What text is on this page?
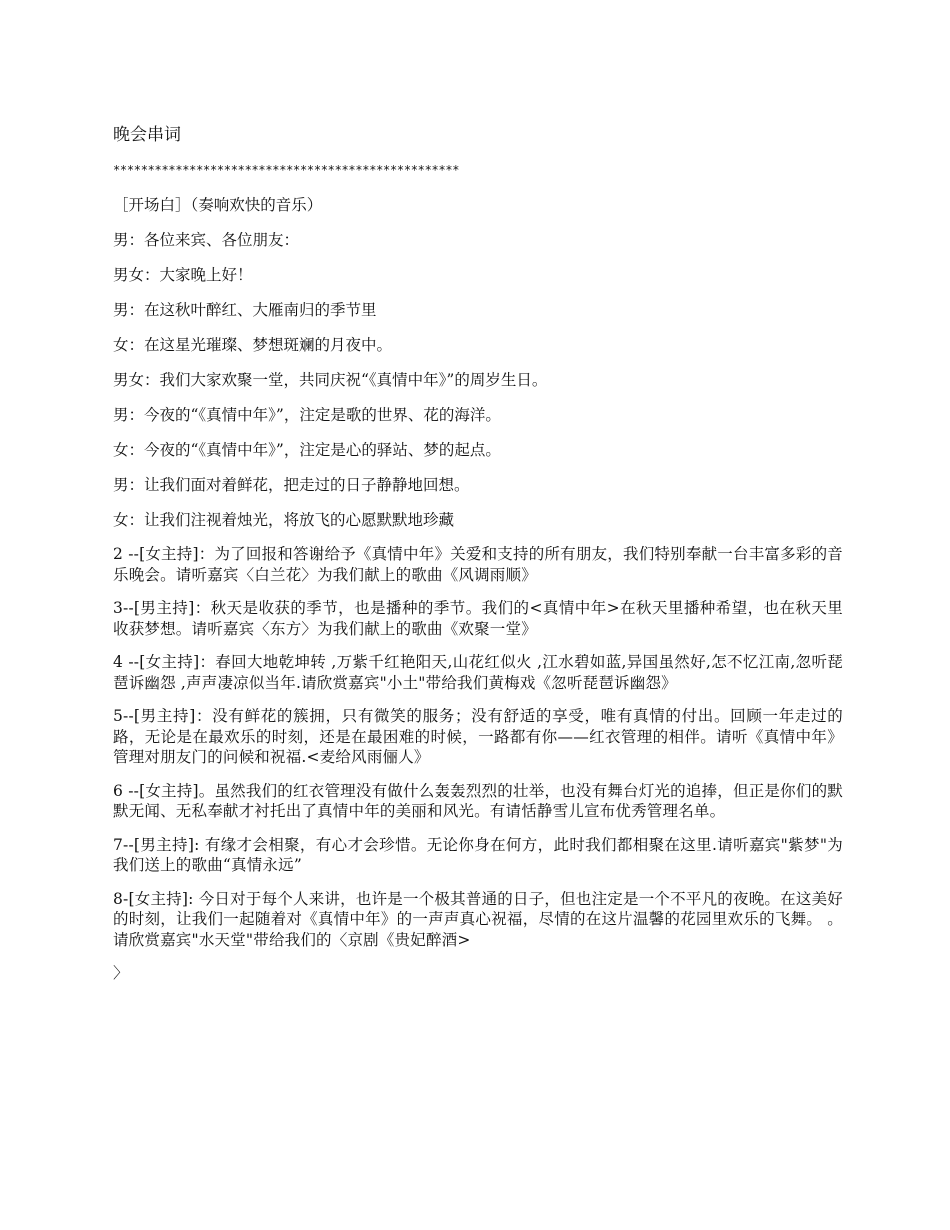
晚会串词
**************************************************
［开场白］（奏响欢快的音乐）
男：各位来宾、各位朋友：
男女：大家晚上好！
男：在这秋叶醉红、大雁南归的季节里
女：在这星光璀璨、梦想斑斓的月夜中。
男女：我们大家欢聚一堂，共同庆祝“《真情中年》”的周岁生日。
男：今夜的“《真情中年》”，注定是歌的世界、花的海洋。
女：今夜的“《真情中年》”，注定是心的驿站、梦的起点。
男：让我们面对着鲜花，把走过的日子静静地回想。
女：让我们注视着烛光，将放飞的心愿默默地珍藏
2 --[女主持]：为了回报和答谢给予《真情中年》关爱和支持的所有朋友，我们特别奉献一台丰富多彩的音乐晚会。请听嘉宾〈白兰花〉为我们献上的歌曲《风调雨顺》
3--[男主持]：秋天是收获的季节，也是播种的季节。我们的<真情中年>在秋天里播种希望，也在秋天里收获梦想。请听嘉宾〈东方〉为我们献上的歌曲《欢聚一堂》
4 --[女主持]：春回大地乾坤转 ,万紫千红艳阳天,山花红似火 ,江水碧如蓝,异国虽然好,怎不忆江南,忽听琵琶诉幽怨 ,声声凄凉似当年.请欣赏嘉宾"小土"带给我们黄梅戏《忽听琵琶诉幽怨》
5--[男主持]：没有鲜花的簇拥，只有微笑的服务；没有舒适的享受，唯有真情的付出。回顾一年走过的路，无论是在最欢乐的时刻，还是在最困难的时候，一路都有你——红衣管理的相伴。请听《真情中年》管理对朋友门的问候和祝福.<麦给风雨俪人》
6 --[女主持]。虽然我们的红衣管理没有做什么轰轰烈烈的壮举，也没有舞台灯光的追捧，但正是你们的默默无闻、无私奉献才衬托出了真情中年的美丽和风光。有请恬静雪儿宣布优秀管理名单。
7--[男主持]: 有缘才会相聚，有心才会珍惜。无论你身在何方，此时我们都相聚在这里.请听嘉宾"紫梦"为我们送上的歌曲“真情永远”
8-[女主持]: 今日对于每个人来讲，也许是一个极其普通的日子，但也注定是一个不平凡的夜晚。在这美好的时刻，让我们一起随着对《真情中年》的一声声真心祝福，尽情的在这片温馨的花园里欢乐的飞舞。 。请欣赏嘉宾"水天堂"带给我们的〈京剧《贵妃醉酒>
〉
